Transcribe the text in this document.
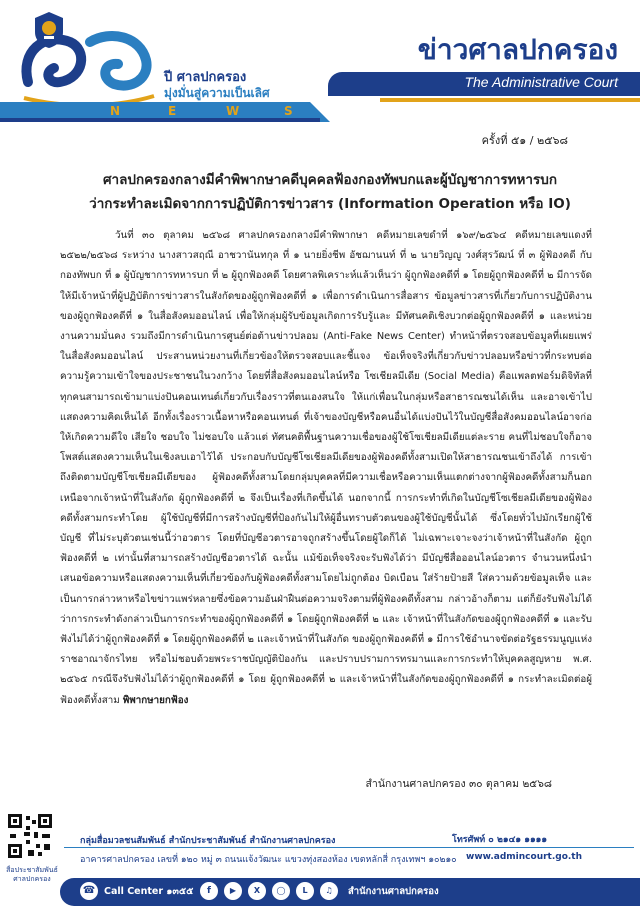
ปี ศาลปกครอง
มุ่งมั่นสู่ความเป็นเลิศ
N	E	W	S
ข่าวศาลปกครอง
The Administrative Court
ครั้งที่ ๕๑ / ๒๕๖๘
ศาลปกครองกลางมีคำพิพากษาคดีบุคคลฟ้องกองทัพบกและผู้บัญชาการทหารบก
ว่ากระทำละเมิดจากการปฏิบัติการข่าวสาร (Information Operation หรือ IO)
วันที่ ๓๐ ตุลาคม ๒๕๖๘ ศาลปกครองกลางมีคำพิพากษา คดีหมายเลขดำที่ ๑๖๙/๒๕๖๔ คดีหมายเลขแดงที่ ๒๕๒๒/๒๕๖๘ ระหว่าง นางสาวสฤณี อาชวานันทกุล ที่ ๑ นายยิ่งชีพ อัชฌานนท์ ที่ ๒ นายวิญญู วงศ์สุรวัฒน์ ที่ ๓ ผู้ฟ้องคดี กับกองทัพบก ที่ ๑ ผู้บัญชาการทหารบก ที่ ๒ ผู้ถูกฟ้องคดี โดยศาลพิเคราะห์แล้วเห็นว่า ผู้ถูกฟ้องคดีที่ ๑ โดยผู้ถูกฟ้องคดีที่ ๒ มีการจัดให้มีเจ้าหน้าที่ผู้ปฏิบัติการข่าวสารในสังกัดของผู้ถูกฟ้องคดีที่ ๑ เพื่อการดำเนินการสื่อสาร ข้อมูลข่าวสารที่เกี่ยวกับการปฏิบัติงานของผู้ถูกฟ้องคดีที่ ๑ ในสื่อสังคมออนไลน์ เพื่อให้กลุ่มผู้รับข้อมูลเกิดการรับรู้และ มีทัศนคติเชิงบวกต่อผู้ถูกฟ้องคดีที่ ๑ และหน่วยงานความมั่นคง รวมถึงมีการดำเนินการศูนย์ต่อต้านข่าวปลอม (Anti-Fake News Center) ทำหน้าที่ตรวจสอบข้อมูลที่เผยแพร่ในสื่อสังคมออนไลน์ ประสานหน่วยงานที่เกี่ยวข้องให้ตรวจสอบและชี้แจง ข้อเท็จจริงที่เกี่ยวกับข่าวปลอมหรือข่าวที่กระทบต่อความรู้ความเข้าใจของประชาชนในวงกว้าง โดยที่สื่อสังคมออนไลน์หรือ โซเชียลมีเดีย (Social Media) คือแพลตฟอร์มดิจิทัลที่ทุกคนสามารถเข้ามาแบ่งปันคอนเทนต์เกี่ยวกับเรื่องราวที่ตนเองสนใจ ให้แก่เพื่อนในกลุ่มหรือสาธารณชนได้เห็น และอาจเข้าไปแสดงความคิดเห็นได้ อีกทั้งเรื่องราวเนื้อหาหรือคอนเทนต์ ที่เจ้าของบัญชีหรือคนอื่นได้แบ่งปันไว้ในบัญชีสื่อสังคมออนไลน์อาจก่อให้เกิดความดีใจ เสียใจ ชอบใจ ไม่ชอบใจ แล้วแต่ ทัศนคติพื้นฐานความเชื่อของผู้ใช้โซเชียลมีเดียแต่ละราย คนที่ไม่ชอบใจก็อาจโพสต์แสดงความเห็นในเชิงลบเอาไว้ได้ ประกอบกับบัญชีโซเชียลมีเดียของผู้ฟ้องคดีทั้งสามเปิดให้สาธารณชนเข้าถึงได้ การเข้าถึงติดตามบัญชีโซเชียลมีเดียของ ผู้ฟ้องคดีทั้งสามโดยกลุ่มบุคคลที่มีความเชื่อหรือความเห็นแตกต่างจากผู้ฟ้องคดีทั้งสามก็นอกเหนือจากเจ้าหน้าที่ในสังกัด ผู้ถูกฟ้องคดีที่ ๒ จึงเป็นเรื่องที่เกิดขึ้นได้ นอกจากนี้ การกระทำที่เกิดในบัญชีโซเชียลมีเดียของผู้ฟ้องคดีทั้งสามกระทำโดย ผู้ใช้บัญชีที่มีการสร้างบัญชีที่ป้องกันไม่ให้ผู้อื่นทราบตัวตนของผู้ใช้บัญชีนั้นได้ ซึ่งโดยทั่วไปมักเรียกผู้ใช้บัญชี ที่ไม่ระบุตัวตนเช่นนี้ว่าอวตาร โดยที่บัญชีอวตารอาจถูกสร้างขึ้นโดยผู้ใดก็ได้ ไม่เฉพาะเจาะจงว่าเจ้าหน้าที่ในสังกัด ผู้ถูกฟ้องคดีที่ ๒ เท่านั้นที่สามารถสร้างบัญชีอวตารได้ ฉะนั้น แม้ข้อเท็จจริงจะรับฟังได้ว่า มีบัญชีสื่อออนไลน์อวตาร จำนวนหนึ่งนำเสนอข้อความหรือแสดงความเห็นที่เกี่ยวข้องกับผู้ฟ้องคดีทั้งสามโดยไม่ถูกต้อง บิดเบือน ใส่ร้ายป้ายสี ใส่ความด้วยข้อมูลเท็จ และเป็นการกล่าวหาหรือไขข่าวแพร่หลายซึ่งข้อความอันฝ่าฝืนต่อความจริงตามที่ผู้ฟ้องคดีทั้งสาม กล่าวอ้างก็ตาม แต่ก็ยังรับฟังไม่ได้ว่าการกระทำดังกล่าวเป็นการกระทำของผู้ถูกฟ้องคดีที่ ๑ โดยผู้ถูกฟ้องคดีที่ ๒ และ เจ้าหน้าที่ในสังกัดของผู้ถูกฟ้องคดีที่ ๑ และรับฟังไม่ได้ว่าผู้ถูกฟ้องคดีที่ ๑ โดยผู้ถูกฟ้องคดีที่ ๒ และเจ้าหน้าที่ในสังกัด ของผู้ถูกฟ้องคดีที่ ๑ มีการใช้อำนาจขัดต่อรัฐธรรมนูญแห่งราชอาณาจักรไทย หรือไม่ชอบด้วยพระราชบัญญัติป้องกัน และปราบปรามการทรมานและการกระทำให้บุคคลสูญหาย พ.ศ. ๒๕๖๕ กรณีจึงรับฟังไม่ได้ว่าผู้ถูกฟ้องคดีที่ ๑ โดย ผู้ถูกฟ้องคดีที่ ๒ และเจ้าหน้าที่ในสังกัดของผู้ถูกฟ้องคดีที่ ๑ กระทำละเมิดต่อผู้ฟ้องคดีทั้งสาม พิพากษายกฟ้อง
สำนักงานศาลปกครอง ๓๐ ตุลาคม ๒๕๖๘
สื่อประชาสัมพันธ์ ศาลปกครอง
กลุ่มสื่อมวลชนสัมพันธ์ สำนักประชาสัมพันธ์ สำนักงานศาลปกครอง	โทรศัพท์ ๐ ๒๑๔๑ ๑๑๑๑
อาคารศาลปกครอง เลขที่ ๑๒๐ หมู่ ๓ ถนนแจ้งวัฒนะ แขวงทุ่งสองห้อง เขตหลักสี่ กรุงเทพฯ ๑๐๒๑๐ www.admincourt.go.th
☎ Call Center ๑๓๕๕	f	▶	X	◯	L	♫	สำนักงานศาลปกครอง
